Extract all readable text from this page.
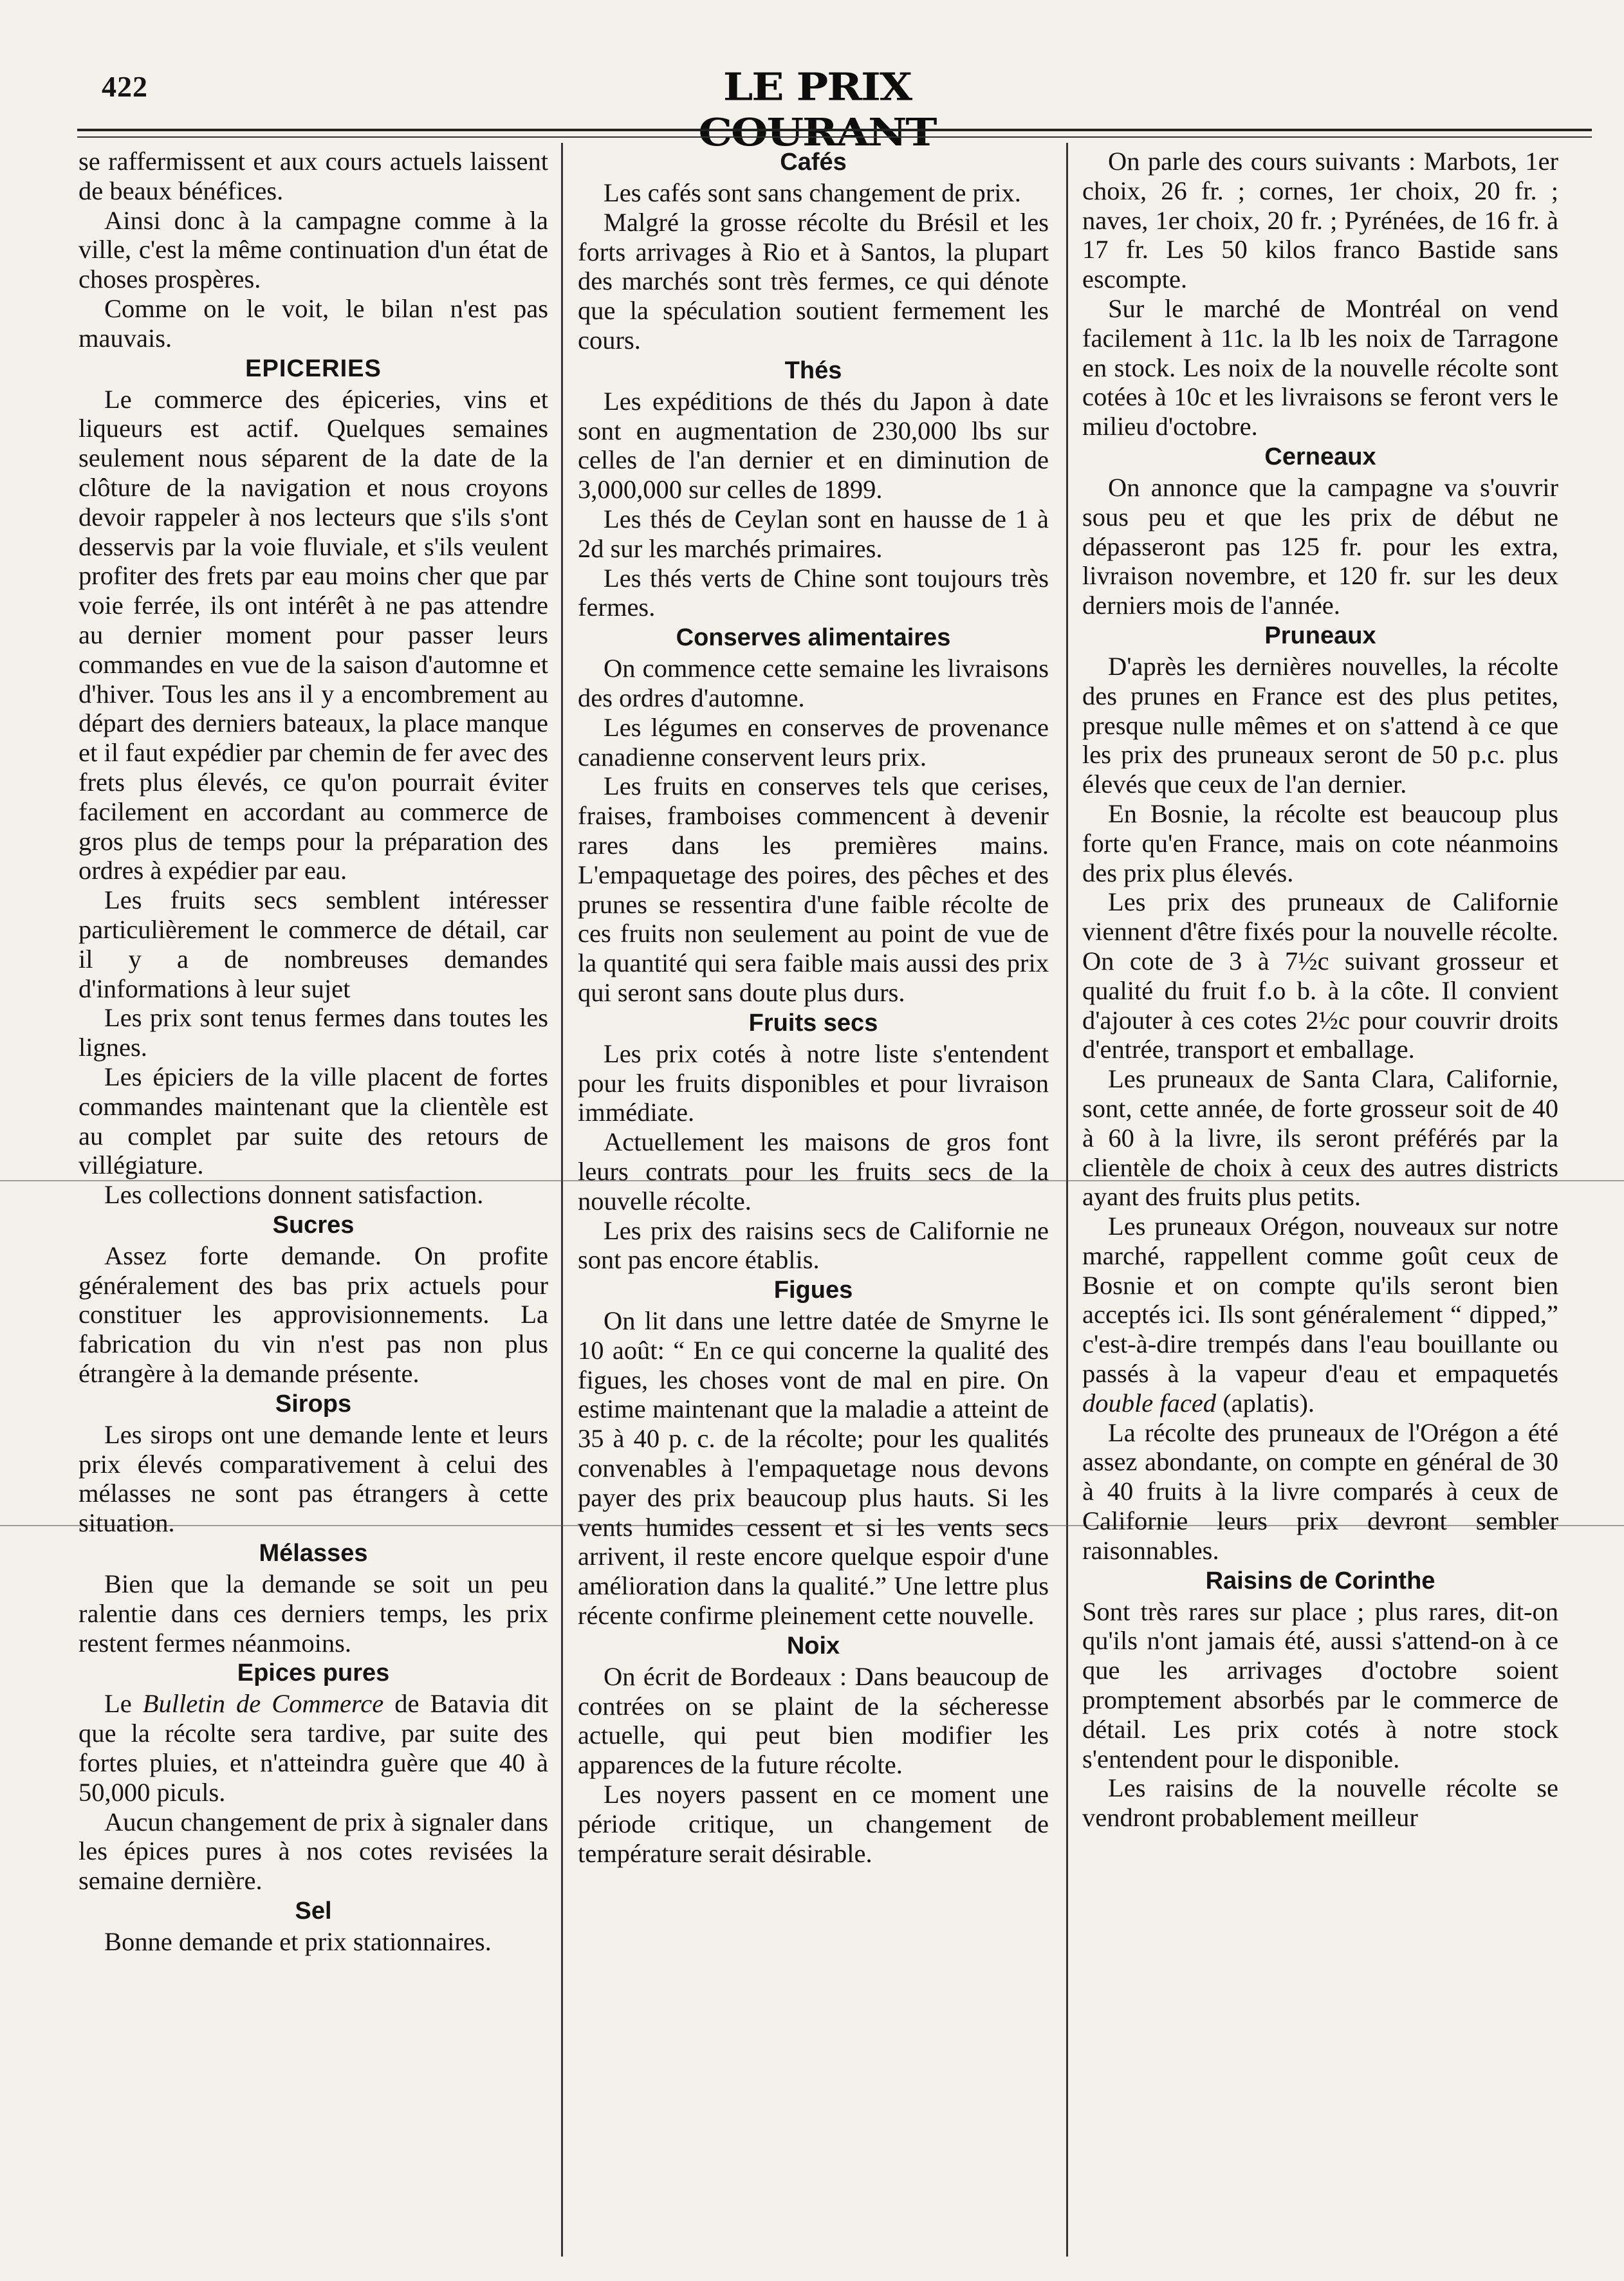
422	LE PRIX COURANT

se raffermissent et aux cours actuels laissent de beaux bénéfices.

Ainsi donc à la campagne comme à la ville, c'est la même continuation d'un état de choses prospères.

Comme on le voit, le bilan n'est pas mauvais.

EPICERIES

Le commerce des épiceries, vins et liqueurs est actif. Quelques semaines seulement nous séparent de la date de la clôture de la navigation et nous croyons devoir rappeler à nos lecteurs que s'ils s'ont desservis par la voie fluviale, et s'ils veulent profiter des frets par eau moins cher que par voie ferrée, ils ont intérêt à ne pas attendre au dernier moment pour passer leurs commandes en vue de la saison d'automne et d'hiver. Tous les ans il y a encombrement au départ des derniers bateaux, la place manque et il faut expédier par chemin de fer avec des frets plus élevés, ce qu'on pourrait éviter facilement en accordant au commerce de gros plus de temps pour la préparation des ordres à expédier par eau.

Les fruits secs semblent intéresser particulièrement le commerce de détail, car il y a de nombreuses demandes d'informations à leur sujet

Les prix sont tenus fermes dans toutes les lignes.

Les épiciers de la ville placent de fortes commandes maintenant que la clientèle est au complet par suite des retours de villégiature.

Les collections donnent satisfaction.

Sucres

Assez forte demande. On profite généralement des bas prix actuels pour constituer les approvisionnements. La fabrication du vin n'est pas non plus étrangère à la demande présente.

Sirops

Les sirops ont une demande lente et leurs prix élevés comparativement à celui des mélasses ne sont pas étrangers à cette situation.

Mélasses

Bien que la demande se soit un peu ralentie dans ces derniers temps, les prix restent fermes néanmoins.

Epices pures

Le Bulletin de Commerce de Batavia dit que la récolte sera tardive, par suite des fortes pluies, et n'atteindra guère que 40 à 50,000 piculs.

Aucun changement de prix à signaler dans les épices pures à nos cotes revisées la semaine dernière.

Sel

Bonne demande et prix stationnaires.

Cafés

Les cafés sont sans changement de prix.

Malgré la grosse récolte du Brésil et les forts arrivages à Rio et à Santos, la plupart des marchés sont très fermes, ce qui dénote que la spéculation soutient fermement les cours.

Thés

Les expéditions de thés du Japon à date sont en augmentation de 230,000 lbs sur celles de l'an dernier et en diminution de 3,000,000 sur celles de 1899.

Les thés de Ceylan sont en hausse de 1 à 2d sur les marchés primaires.

Les thés verts de Chine sont toujours très fermes.

Conserves alimentaires

On commence cette semaine les livraisons des ordres d'automne.

Les légumes en conserves de provenance canadienne conservent leurs prix.

Les fruits en conserves tels que cerises, fraises, framboises commencent à devenir rares dans les premières mains. L'empaquetage des poires, des pêches et des prunes se ressentira d'une faible récolte de ces fruits non seulement au point de vue de la quantité qui sera faible mais aussi des prix qui seront sans doute plus durs.

Fruits secs

Les prix cotés à notre liste s'entendent pour les fruits disponibles et pour livraison immédiate.

Actuellement les maisons de gros font leurs contrats pour les fruits secs de la nouvelle récolte.

Les prix des raisins secs de Californie ne sont pas encore établis.

Figues

On lit dans une lettre datée de Smyrne le 10 août: “ En ce qui concerne la qualité des figues, les choses vont de mal en pire. On estime maintenant que la maladie a atteint de 35 à 40 p. c. de la récolte; pour les qualités convenables à l'empaquetage nous devons payer des prix beaucoup plus hauts. Si les vents humides cessent et si les vents secs arrivent, il reste encore quelque espoir d'une amélioration dans la qualité.” Une lettre plus récente confirme pleinement cette nouvelle.

Noix

On écrit de Bordeaux : Dans beaucoup de contrées on se plaint de la sécheresse actuelle, qui peut bien modifier les apparences de la future récolte.

Les noyers passent en ce moment une période critique, un changement de température serait désirable.

On parle des cours suivants : Marbots, 1er choix, 26 fr. ; cornes, 1er choix, 20 fr. ; naves, 1er choix, 20 fr. ; Pyrénées, de 16 fr. à 17 fr. Les 50 kilos franco Bastide sans escompte.

Sur le marché de Montréal on vend facilement à 11c. la lb les noix de Tarragone en stock. Les noix de la nouvelle récolte sont cotées à 10c et les livraisons se feront vers le milieu d'octobre.

Cerneaux

On annonce que la campagne va s'ouvrir sous peu et que les prix de début ne dépasseront pas 125 fr. pour les extra, livraison novembre, et 120 fr. sur les deux derniers mois de l'année.

Pruneaux

D'après les dernières nouvelles, la récolte des prunes en France est des plus petites, presque nulle mêmes et on s'attend à ce que les prix des pruneaux seront de 50 p.c. plus élevés que ceux de l'an dernier.

En Bosnie, la récolte est beaucoup plus forte qu'en France, mais on cote néanmoins des prix plus élevés.

Les prix des pruneaux de Californie viennent d'être fixés pour la nouvelle récolte. On cote de 3 à 7½c suivant grosseur et qualité du fruit f.o b. à la côte. Il convient d'ajouter à ces cotes 2½c pour couvrir droits d'entrée, transport et emballage.

Les pruneaux de Santa Clara, Californie, sont, cette année, de forte grosseur soit de 40 à 60 à la livre, ils seront préférés par la clientèle de choix à ceux des autres districts ayant des fruits plus petits.

Les pruneaux Orégon, nouveaux sur notre marché, rappellent comme goût ceux de Bosnie et on compte qu'ils seront bien acceptés ici. Ils sont généralement “ dipped,” c'est-à-dire trempés dans l'eau bouillante ou passés à la vapeur d'eau et empaquetés double faced (aplatis).

La récolte des pruneaux de l'Orégon a été assez abondante, on compte en général de 30 à 40 fruits à la livre comparés à ceux de Californie leurs prix devront sembler raisonnables.

Raisins de Corinthe

Sont très rares sur place ; plus rares, dit-on qu'ils n'ont jamais été, aussi s'attend-on à ce que les arrivages d'octobre soient promptement absorbés par le commerce de détail. Les prix cotés à notre stock s'entendent pour le disponible.

Les raisins de la nouvelle récolte se vendront probablement meilleur
